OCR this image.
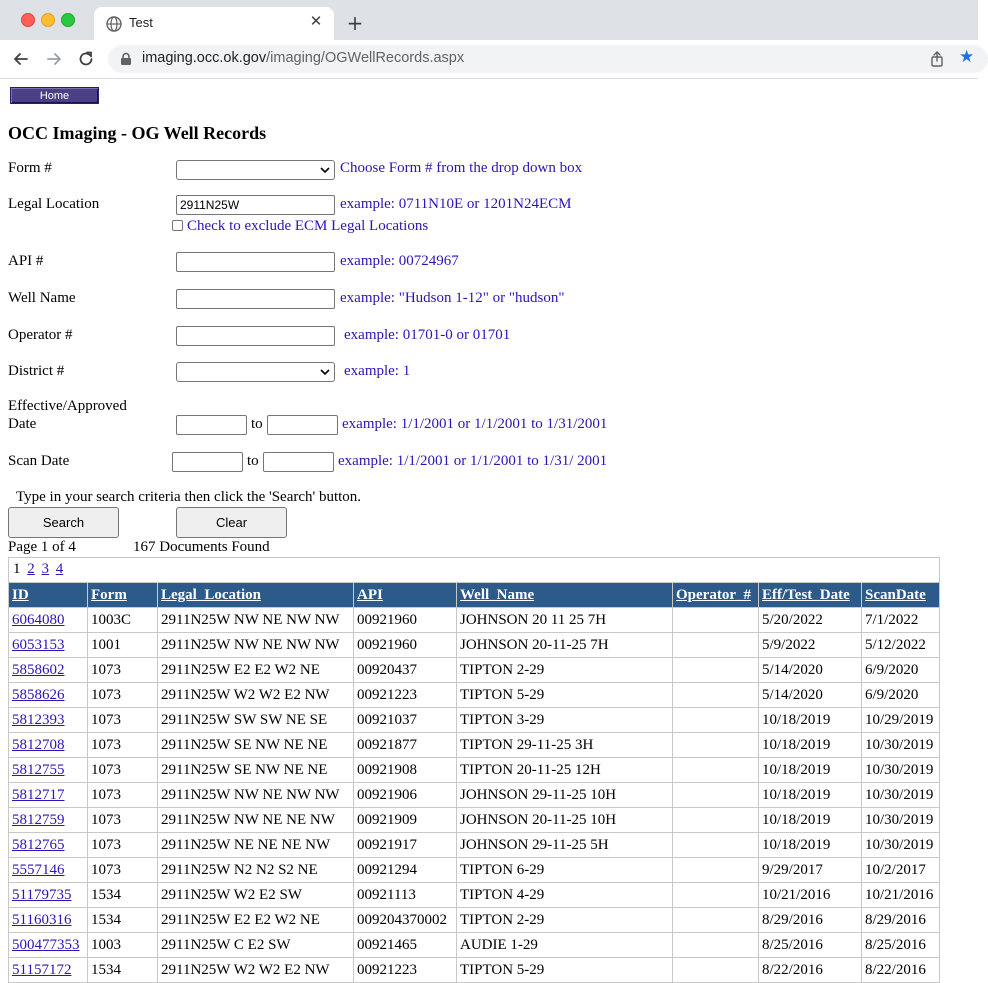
Test	✕ +
imaging.occ.ok.gov/imaging/OGWellRecords.aspx	★
Home
OCC Imaging - OG Well Records
Form #	Choose Form # from the drop down box
Legal Location	2911N25W	example: 0711N10E or 1201N24ECM
Check to exclude ECM Legal Locations
API #	example: 00724967
Well Name	example: "Hudson 1-12" or "hudson"
Operator #	example: 01701-0 or 01701
District #	example: 1
Effective/Approved
Date	to	example: 1/1/2001 or 1/1/2001 to 1/31/2001
Scan Date	to	example: 1/1/2001 or 1/1/2001 to 1/31/ 2001
Type in your search criteria then click the 'Search' button.
Search	Clear
Page 1 of 4	167 Documents Found
1 2 3 4
ID	Form	Legal_Location	API	Well_Name	Operator_#	Eff/Test_Date	ScanDate
6064080	1003C	2911N25W NW NE NW NW	00921960	JOHNSON 20 11 25 7H		5/20/2022	7/1/2022
6053153	1001	2911N25W NW NE NW NW	00921960	JOHNSON 20-11-25 7H		5/9/2022	5/12/2022
5858602	1073	2911N25W E2 E2 W2 NE	00920437	TIPTON 2-29		5/14/2020	6/9/2020
5858626	1073	2911N25W W2 W2 E2 NW	00921223	TIPTON 5-29		5/14/2020	6/9/2020
5812393	1073	2911N25W SW SW NE SE	00921037	TIPTON 3-29		10/18/2019	10/29/2019
5812708	1073	2911N25W SE NW NE NE	00921877	TIPTON 29-11-25 3H		10/18/2019	10/30/2019
5812755	1073	2911N25W SE NW NE NE	00921908	TIPTON 20-11-25 12H		10/18/2019	10/30/2019
5812717	1073	2911N25W NW NE NW NW	00921906	JOHNSON 29-11-25 10H		10/18/2019	10/30/2019
5812759	1073	2911N25W NW NE NE NW	00921909	JOHNSON 20-11-25 10H		10/18/2019	10/30/2019
5812765	1073	2911N25W NE NE NE NW	00921917	JOHNSON 29-11-25 5H		10/18/2019	10/30/2019
5557146	1073	2911N25W N2 N2 S2 NE	00921294	TIPTON 6-29		9/29/2017	10/2/2017
51179735	1534	2911N25W W2 E2 SW	00921113	TIPTON 4-29		10/21/2016	10/21/2016
51160316	1534	2911N25W E2 E2 W2 NE	009204370002	TIPTON 2-29		8/29/2016	8/29/2016
500477353	1003	2911N25W C E2 SW	00921465	AUDIE 1-29		8/25/2016	8/25/2016
51157172	1534	2911N25W W2 W2 E2 NW	00921223	TIPTON 5-29		8/22/2016	8/22/2016
